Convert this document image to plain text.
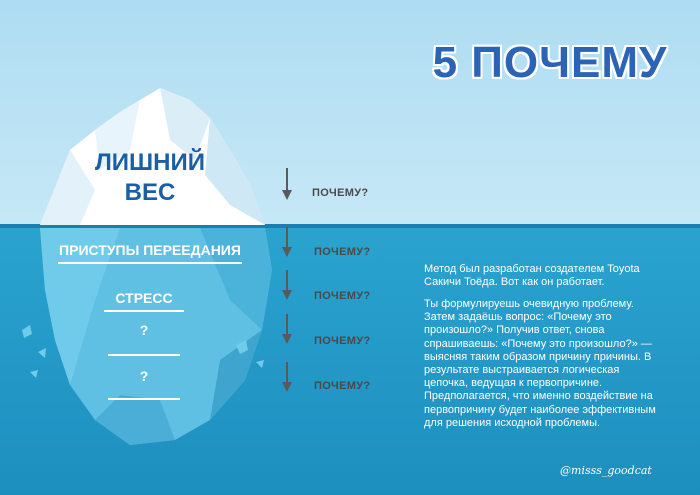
5 ПОЧЕМУ
ЛИШНИЙ
ВЕС
ПРИСТУПЫ ПЕРЕЕДАНИЯ
СТРЕСС
?
?
ПОЧЕМУ?
ПОЧЕМУ?
ПОЧЕМУ?
ПОЧЕМУ?
ПОЧЕМУ?
Метод был разработан создателем Toyota Сакичи Тоёда. Вот как он работает.
Ты формулируешь очевидную проблему. Затем задаёшь вопрос: «Почему это произошло?» Получив ответ, снова спрашиваешь: «Почему это произошло?» — выясняя таким образом причину причины. В результате выстраивается логическая цепочка, ведущая к первопричине. Предполагается, что именно воздействие на первопричину будет наиболее эффективным для решения исходной проблемы.
@misss_goodcat
